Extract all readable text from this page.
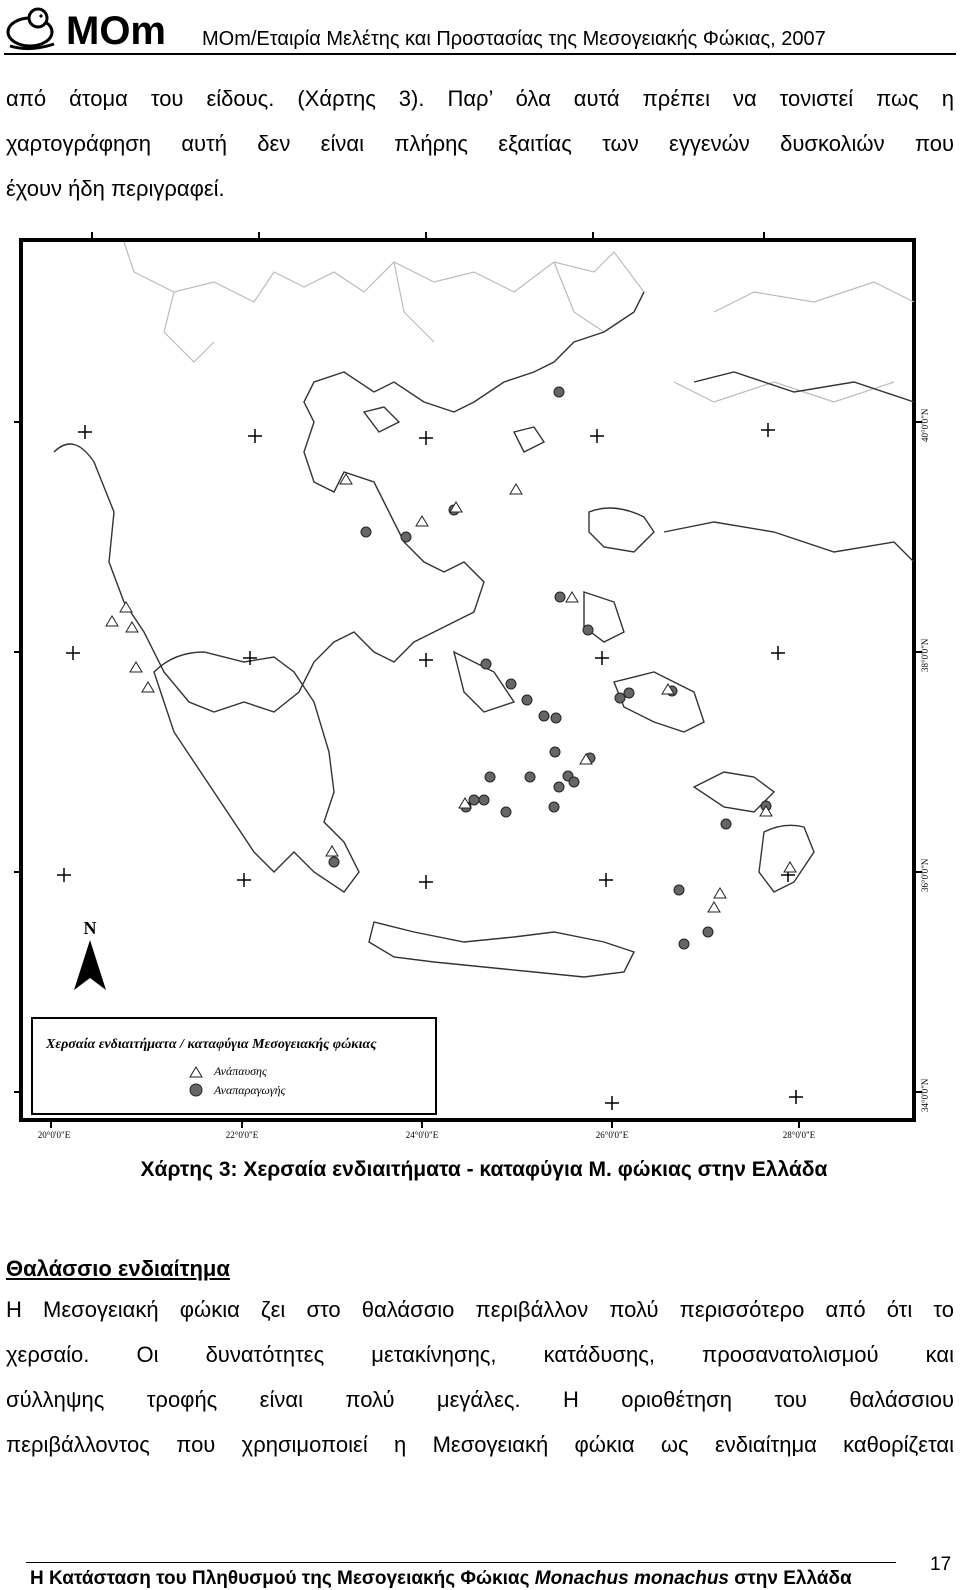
MOm MOm/Εταιρία Μελέτης και Προστασίας της Μεσογειακής Φώκιας, 2007
από άτομα του είδους. (Χάρτης 3). Παρ’ όλα αυτά πρέπει να τονιστεί πως η
χαρτογράφηση αυτή δεν είναι πλήρης εξαιτίας των εγγενών δυσκολιών που
έχουν ήδη περιγραφεί.
N
Χερσαία ενδιαιτήματα / καταφύγια Μεσογειακής φώκιας
Ανάπαυσης
Αναπαραγωγής
20°0'0"E	22°0'0"E	24°0'0"E	26°0'0"E	28°0'0"E
40°0'0"N
38°0'0"N
36°0'0"N
34°0'0"N
Χάρτης 3: Χερσαία ενδιαιτήματα - καταφύγια Μ. φώκιας στην Ελλάδα
Θαλάσσιο ενδιαίτημα
Η Μεσογειακή φώκια ζει στο θαλάσσιο περιβάλλον πολύ περισσότερο από ότι το
χερσαίο. Οι δυνατότητες μετακίνησης, κατάδυσης, προσανατολισμού και
σύλληψης τροφής είναι πολύ μεγάλες. Η οριοθέτηση του θαλάσσιου
περιβάλλοντος που χρησιμοποιεί η Μεσογειακή φώκια ως ενδιαίτημα καθορίζεται
Η Κατάσταση του Πληθυσμού της Μεσογειακής Φώκιας Monachus monachus στην Ελλάδα
17
